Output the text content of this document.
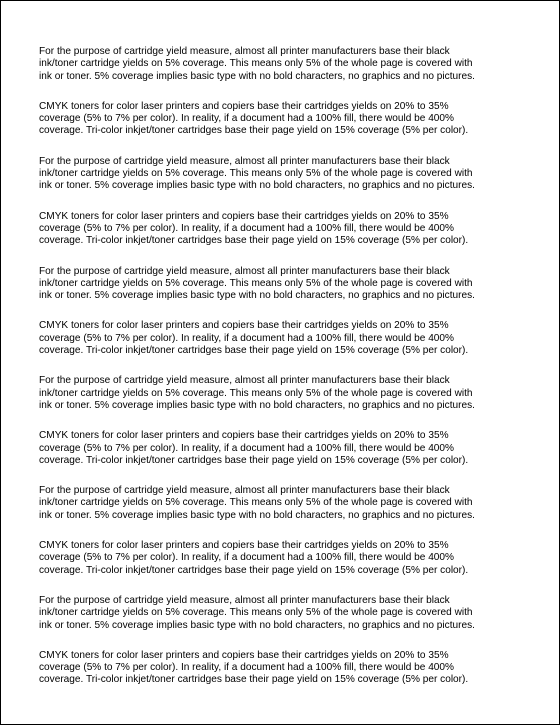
For the purpose of cartridge yield measure, almost all printer manufacturers base their black
ink/toner cartridge yields on 5% coverage. This means only 5% of the whole page is covered with
ink or toner. 5% coverage implies basic type with no bold characters, no graphics and no pictures.
CMYK toners for color laser printers and copiers base their cartridges yields on 20% to 35%
coverage (5% to 7% per color). In reality, if a document had a 100% fill, there would be 400%
coverage. Tri-color inkjet/toner cartridges base their page yield on 15% coverage (5% per color).
For the purpose of cartridge yield measure, almost all printer manufacturers base their black
ink/toner cartridge yields on 5% coverage. This means only 5% of the whole page is covered with
ink or toner. 5% coverage implies basic type with no bold characters, no graphics and no pictures.
CMYK toners for color laser printers and copiers base their cartridges yields on 20% to 35%
coverage (5% to 7% per color). In reality, if a document had a 100% fill, there would be 400%
coverage. Tri-color inkjet/toner cartridges base their page yield on 15% coverage (5% per color).
For the purpose of cartridge yield measure, almost all printer manufacturers base their black
ink/toner cartridge yields on 5% coverage. This means only 5% of the whole page is covered with
ink or toner. 5% coverage implies basic type with no bold characters, no graphics and no pictures.
CMYK toners for color laser printers and copiers base their cartridges yields on 20% to 35%
coverage (5% to 7% per color). In reality, if a document had a 100% fill, there would be 400%
coverage. Tri-color inkjet/toner cartridges base their page yield on 15% coverage (5% per color).
For the purpose of cartridge yield measure, almost all printer manufacturers base their black
ink/toner cartridge yields on 5% coverage. This means only 5% of the whole page is covered with
ink or toner. 5% coverage implies basic type with no bold characters, no graphics and no pictures.
CMYK toners for color laser printers and copiers base their cartridges yields on 20% to 35%
coverage (5% to 7% per color). In reality, if a document had a 100% fill, there would be 400%
coverage. Tri-color inkjet/toner cartridges base their page yield on 15% coverage (5% per color).
For the purpose of cartridge yield measure, almost all printer manufacturers base their black
ink/toner cartridge yields on 5% coverage. This means only 5% of the whole page is covered with
ink or toner. 5% coverage implies basic type with no bold characters, no graphics and no pictures.
CMYK toners for color laser printers and copiers base their cartridges yields on 20% to 35%
coverage (5% to 7% per color). In reality, if a document had a 100% fill, there would be 400%
coverage. Tri-color inkjet/toner cartridges base their page yield on 15% coverage (5% per color).
For the purpose of cartridge yield measure, almost all printer manufacturers base their black
ink/toner cartridge yields on 5% coverage. This means only 5% of the whole page is covered with
ink or toner. 5% coverage implies basic type with no bold characters, no graphics and no pictures.
CMYK toners for color laser printers and copiers base their cartridges yields on 20% to 35%
coverage (5% to 7% per color). In reality, if a document had a 100% fill, there would be 400%
coverage. Tri-color inkjet/toner cartridges base their page yield on 15% coverage (5% per color).
